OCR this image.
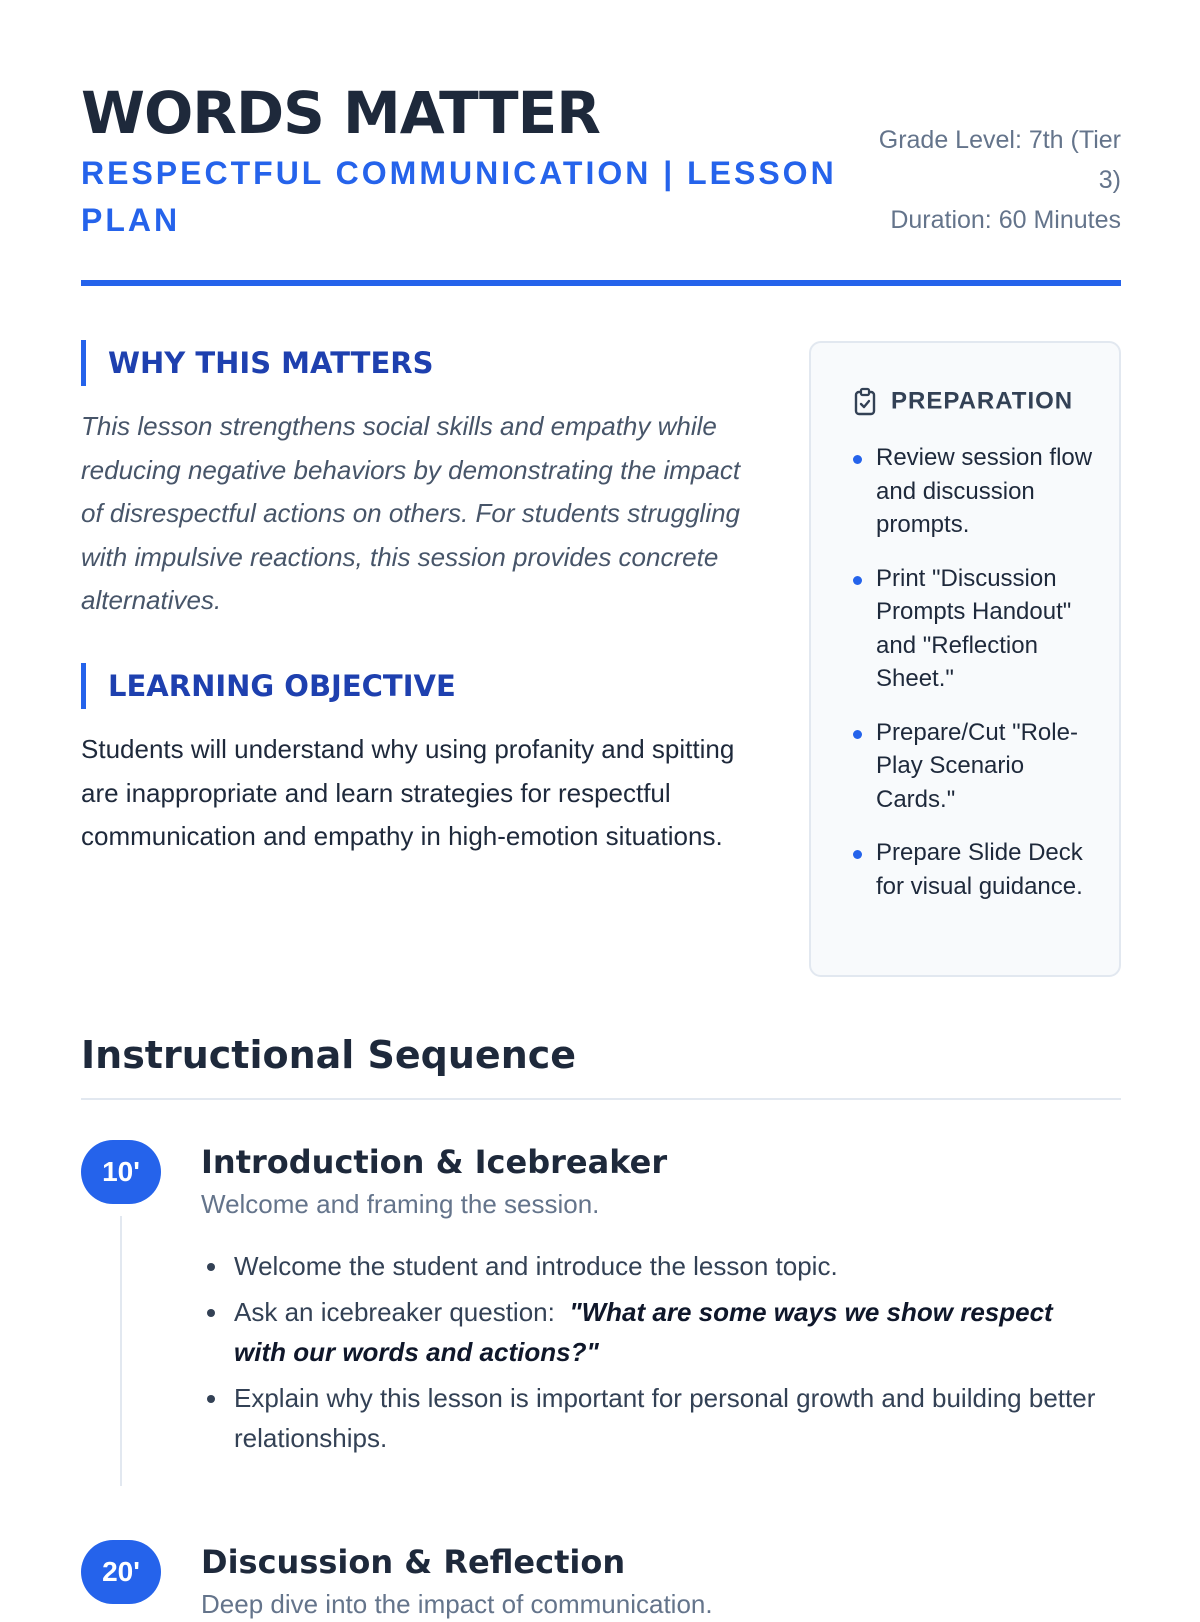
WORDS MATTER

RESPECTFUL COMMUNICATION | LESSON PLAN

Grade Level: 7th (Tier 3)
Duration: 60 Minutes
WHY THIS MATTERS

This lesson strengthens social skills and empathy while reducing negative behaviors by demonstrating the impact of disrespectful actions on others. For students struggling with impulsive reactions, this session provides concrete alternatives.

LEARNING OBJECTIVE

Students will understand why using profanity and spitting are inappropriate and learn strategies for respectful communication and empathy in high-emotion situations.

PREPARATION
Review session flow and discussion prompts.
Print "Discussion Prompts Handout" and "Reflection Sheet."
Prepare/Cut "Role-Play Scenario Cards."
Prepare Slide Deck for visual guidance.
Instructional Sequence
10'	Introduction & Icebreaker

Welcome and framing the session.

Welcome the student and introduce the lesson topic.
Ask an icebreaker question: "What are some ways we show respect with our words and actions?"
Explain why this lesson is important for personal growth and building better relationships.
20'	Discussion & Reflection

Deep dive into the impact of communication.
